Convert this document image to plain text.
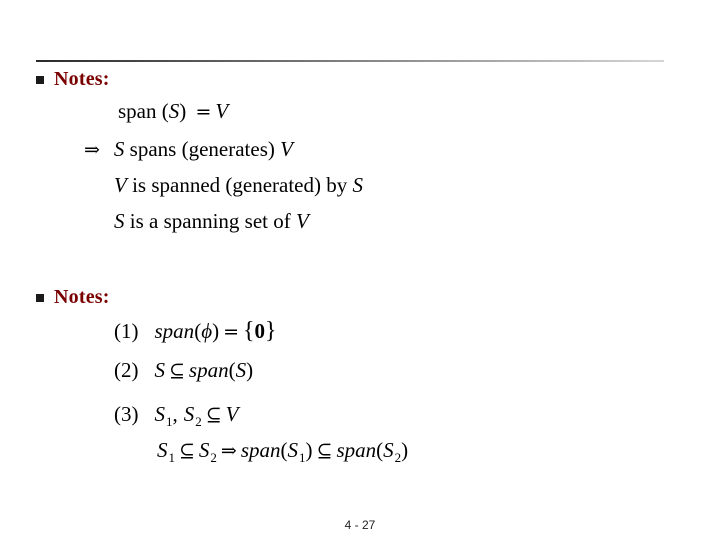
Notes:
span (S) = V
⇒ S spans (generates) V
V is spanned (generated) by S
S is a spanning set of V
Notes:
(1) span(ϕ) = {0}
(2) S ⊆ span(S)
(3) $S_1$, $S_2$ ⊆ V
$S_1$ ⊆ $S_2$ ⇒ $span(S_1)$ ⊆ $span(S_2)$
4 - 27
